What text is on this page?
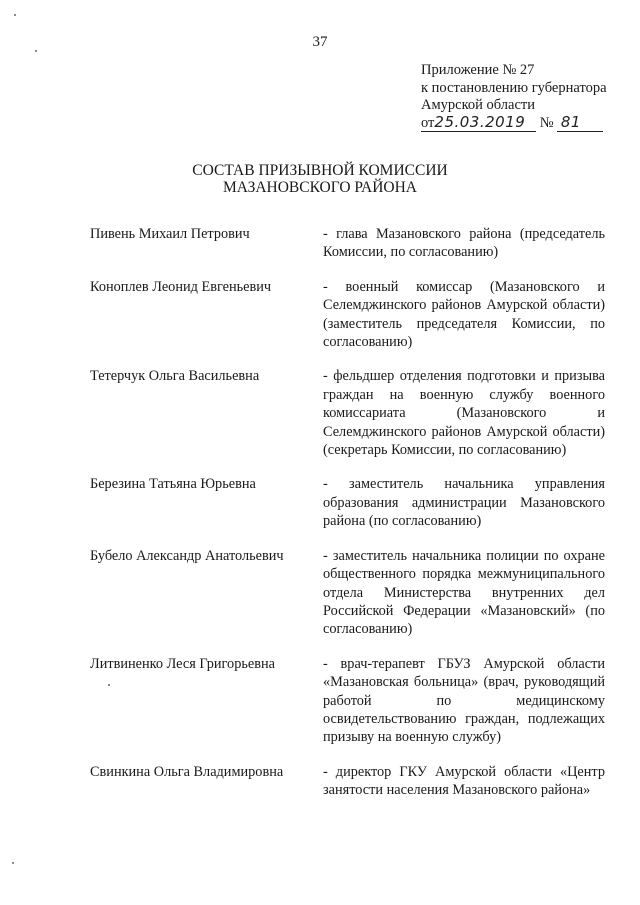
37
Приложение № 27
к постановлению губернатора
Амурской области
от25.03.2019 № 81
СОСТАВ ПРИЗЫВНОЙ КОМИССИИ
МАЗАНОВСКОГО РАЙОНА
Пивень Михаил Петрович	- глава Мазановского района (председатель Комиссии, по согласованию)
Коноплев Леонид Евгеньевич	- военный комиссар (Мазановского и Селемджинского районов Амурской области) (заместитель председателя Комиссии, по согласованию)
Тетерчук Ольга Васильевна	- фельдшер отделения подготовки и призыва граждан на военную службу военного комиссариата (Мазановского и Селемджинского районов Амурской области) (секретарь Комиссии, по согласованию)
Березина Татьяна Юрьевна	- заместитель начальника управления образования администрации Мазановского района (по согласованию)
Бубело Александр Анатольевич	- заместитель начальника полиции по охране общественного порядка межмуниципального отдела Министерства внутренних дел Российской Федерации «Мазановский» (по согласованию)
Литвиненко Леся Григорьевна	- врач-терапевт ГБУЗ Амурской области «Мазановская больница» (врач, руководящий работой по медицинскому освидетельствованию граждан, подлежащих призыву на военную службу)
Свинкина Ольга Владимировна	- директор ГКУ Амурской области «Центр занятости населения Мазановского района»
